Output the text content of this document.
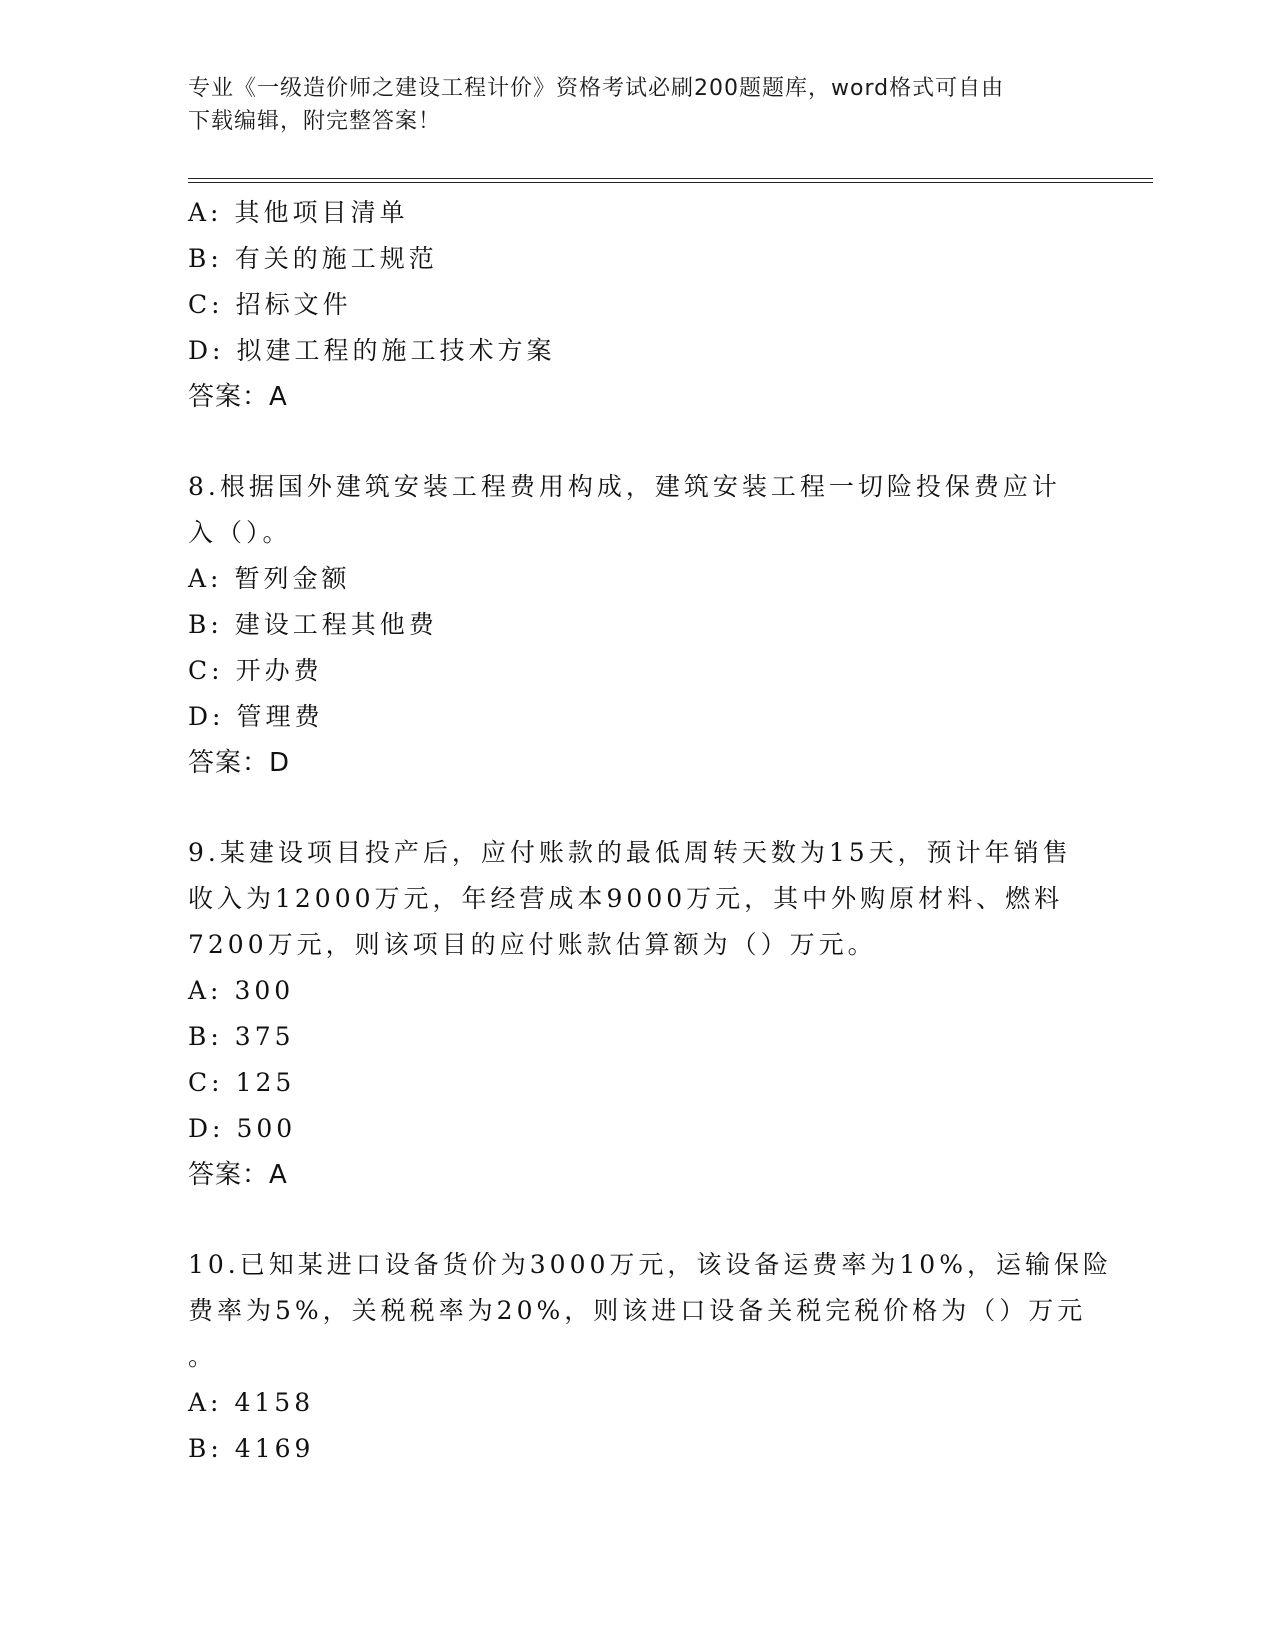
专业《一级造价师之建设工程计价》资格考试必刷200题题库，word格式可自由
下载编辑，附完整答案！
A: 其他项目清单
B: 有关的施工规范
C: 招标文件
D: 拟建工程的施工技术方案
答案：A
8.根据国外建筑安装工程费用构成，建筑安装工程一切险投保费应计
入（）。
A: 暂列金额
B: 建设工程其他费
C: 开办费
D: 管理费
答案：D
9.某建设项目投产后，应付账款的最低周转天数为15天，预计年销售
收入为12000万元，年经营成本9000万元，其中外购原材料、燃料
7200万元，则该项目的应付账款估算额为（）万元。
A: 300
B: 375
C: 125
D: 500
答案：A
10.已知某进口设备货价为3000万元，该设备运费率为10%，运输保险
费率为5%，关税税率为20%，则该进口设备关税完税价格为（）万元
。
A: 4158
B: 4169
